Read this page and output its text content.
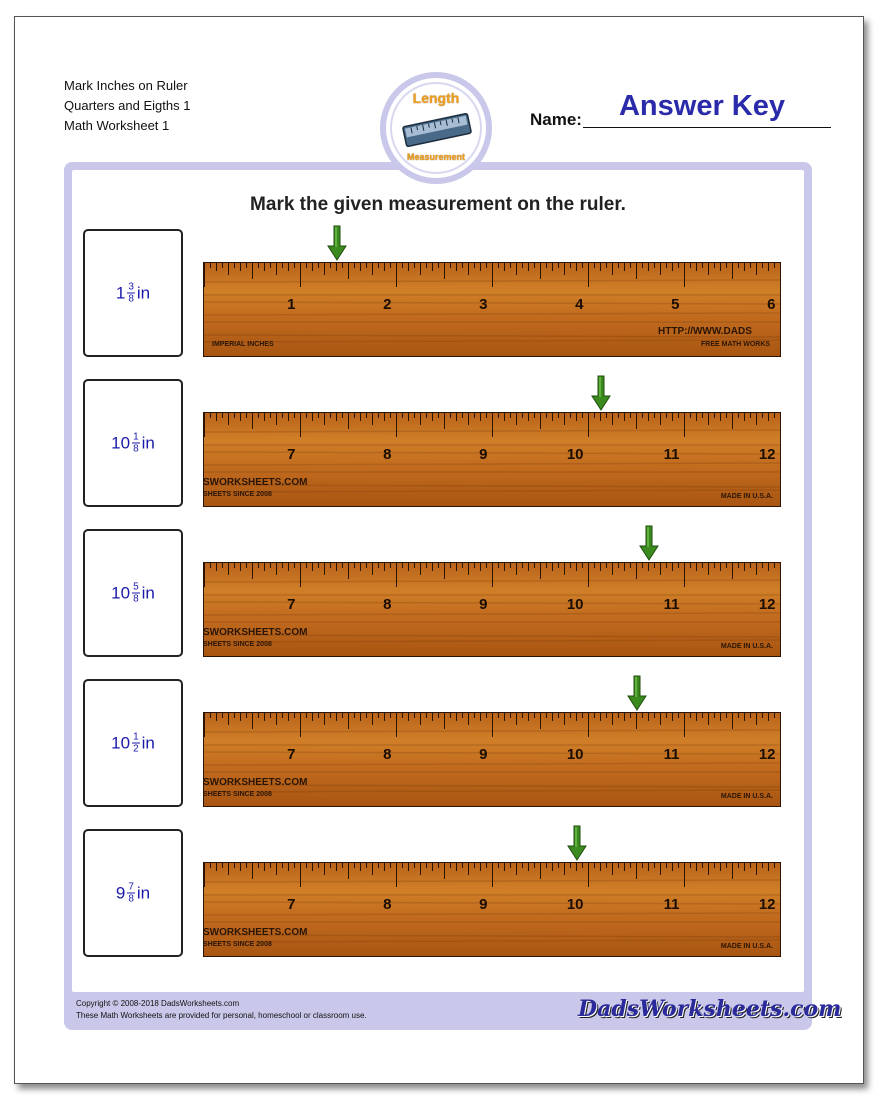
Mark Inches on Ruler
Quarters and Eigths 1
Math Worksheet 1
Mark the given measurement on the ruler.
Length
Measurement
Name:	Answer Key
$1 \frac{3}{8}$ in
1	2	3	4	5	6
IMPERIAL INCHES
HTTP://WWW.DADS
FREE MATH WORKS
$10 \frac{1}{8}$ in
7	8	9	10	11	12
SWORKSHEETS.COM
SHEETS SINCE 2008	MADE IN U.S.A.
$10 \frac{5}{8}$ in
7	8	9	10	11	12
SWORKSHEETS.COM
SHEETS SINCE 2008	MADE IN U.S.A.
$10 \frac{1}{2}$ in
7	8	9	10	11	12
SWORKSHEETS.COM
SHEETS SINCE 2008	MADE IN U.S.A.
$9 \frac{7}{8}$ in
7	8	9	10	11	12
SWORKSHEETS.COM
SHEETS SINCE 2008	MADE IN U.S.A.
Copyright © 2008-2018 DadsWorksheets.com
These Math Worksheets are provided for personal, homeschool or classroom use.	DadsWorksheets.com
